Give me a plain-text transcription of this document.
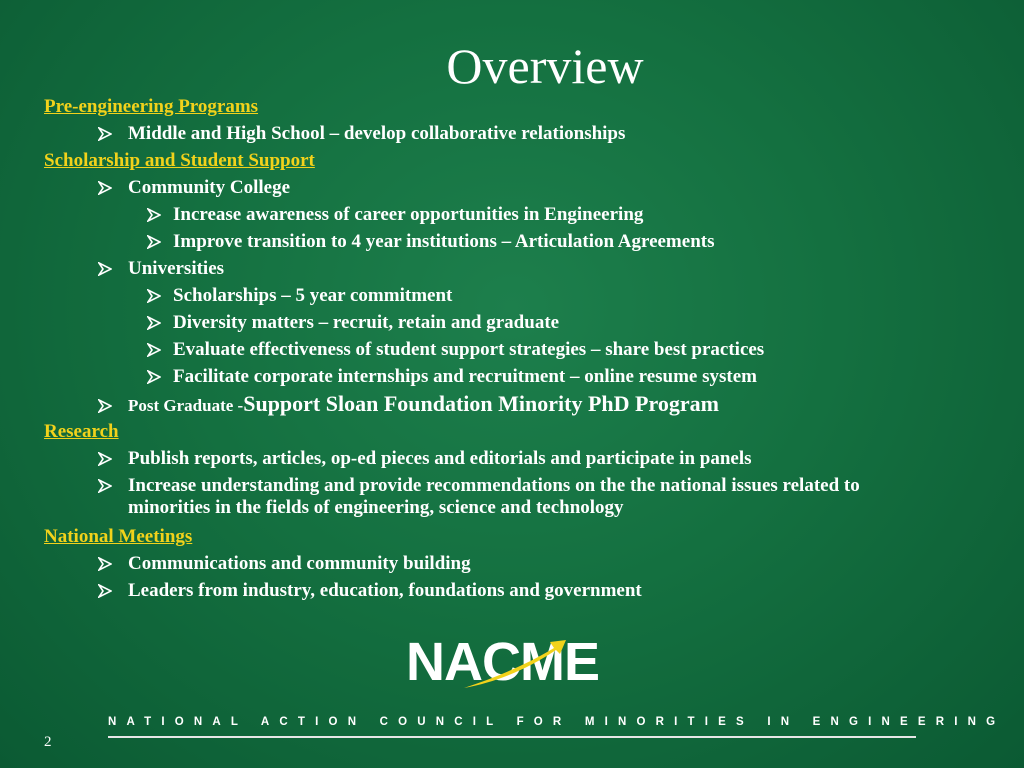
Overview
Pre-engineering Programs
Middle and High School – develop collaborative relationships
Scholarship and Student Support
Community College
Increase awareness of career opportunities in Engineering
Improve transition to 4 year institutions – Articulation Agreements
Universities
Scholarships – 5 year commitment
Diversity matters – recruit, retain and graduate
Evaluate effectiveness of student support strategies – share best practices
Facilitate corporate internships and recruitment – online resume system
Post Graduate -Support Sloan Foundation Minority PhD Program
Research
Publish reports, articles, op-ed pieces and editorials and participate in panels
Increase understanding and provide recommendations on the the national issues related to minorities in the fields of engineering, science and technology
National Meetings
Communications and community building
Leaders from industry, education, foundations and government
NACME
NATIONAL ACTION COUNCIL FOR MINORITIES IN ENGINEERING
2
